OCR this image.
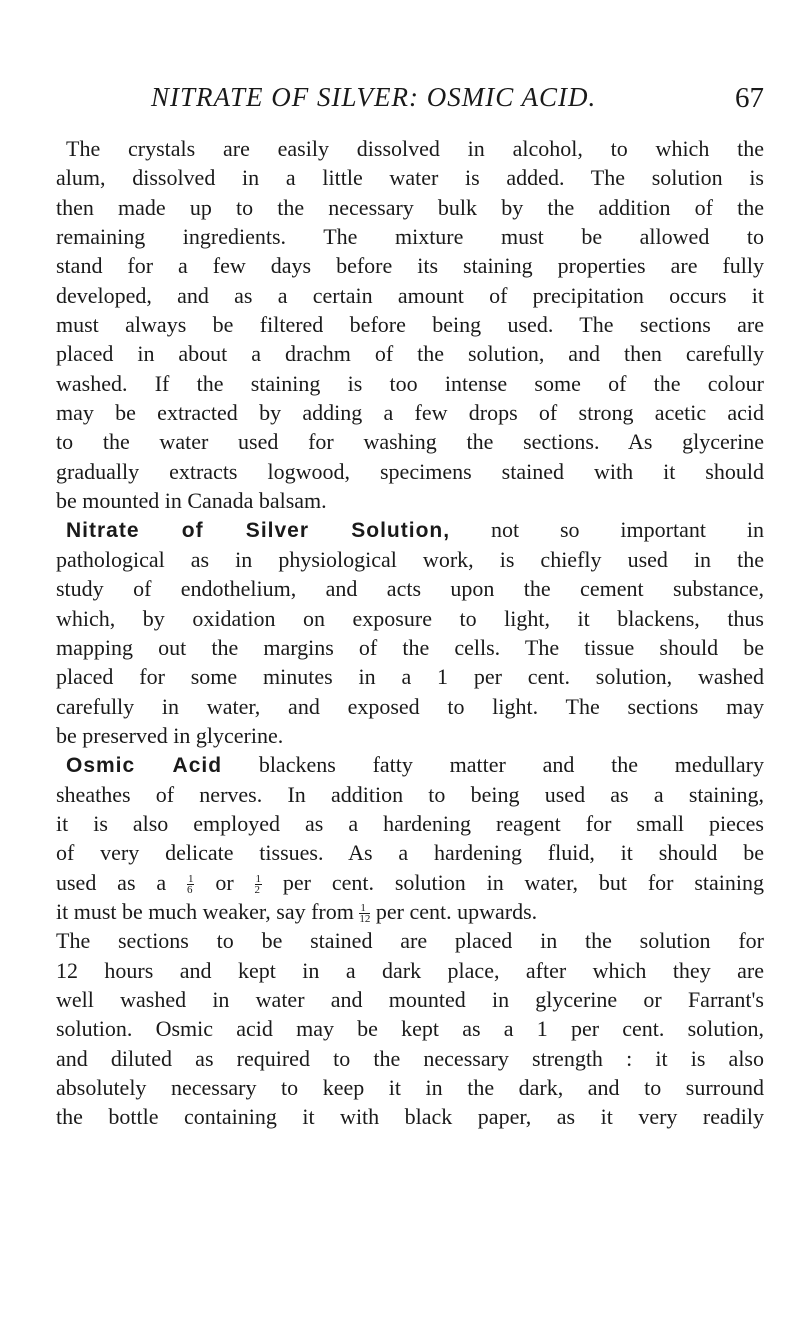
NITRATE OF SILVER: OSMIC ACID.	67
The crystals are easily dissolved in alcohol, to which the
alum, dissolved in a little water is added. The solution is
then made up to the necessary bulk by the addition of the
remaining ingredients. The mixture must be allowed to
stand for a few days before its staining properties are fully
developed, and as a certain amount of precipitation occurs it
must always be filtered before being used. The sections are
placed in about a drachm of the solution, and then carefully
washed. If the staining is too intense some of the colour
may be extracted by adding a few drops of strong acetic acid
to the water used for washing the sections. As glycerine
gradually extracts logwood, specimens stained with it should
be mounted in Canada balsam.
Nitrate of Silver Solution, not so important in
pathological as in physiological work, is chiefly used in the
study of endothelium, and acts upon the cement substance,
which, by oxidation on exposure to light, it blackens, thus
mapping out the margins of the cells. The tissue should be
placed for some minutes in a 1 per cent. solution, washed
carefully in water, and exposed to light. The sections may
be preserved in glycerine.
Osmic Acid blackens fatty matter and the medullary
sheathes of nerves. In addition to being used as a staining,
it is also employed as a hardening reagent for small pieces
of very delicate tissues. As a hardening fluid, it should be
used as a $\frac{1}{6}$ or $\frac{1}{2}$ per cent. solution in water, but for staining
it must be much weaker, say from $\frac{1}{12}$ per cent. upwards.
The sections to be stained are placed in the solution for
12 hours and kept in a dark place, after which they are
well washed in water and mounted in glycerine or Farrant's
solution. Osmic acid may be kept as a 1 per cent. solution,
and diluted as required to the necessary strength : it is also
absolutely necessary to keep it in the dark, and to surround
the bottle containing it with black paper, as it very readily
